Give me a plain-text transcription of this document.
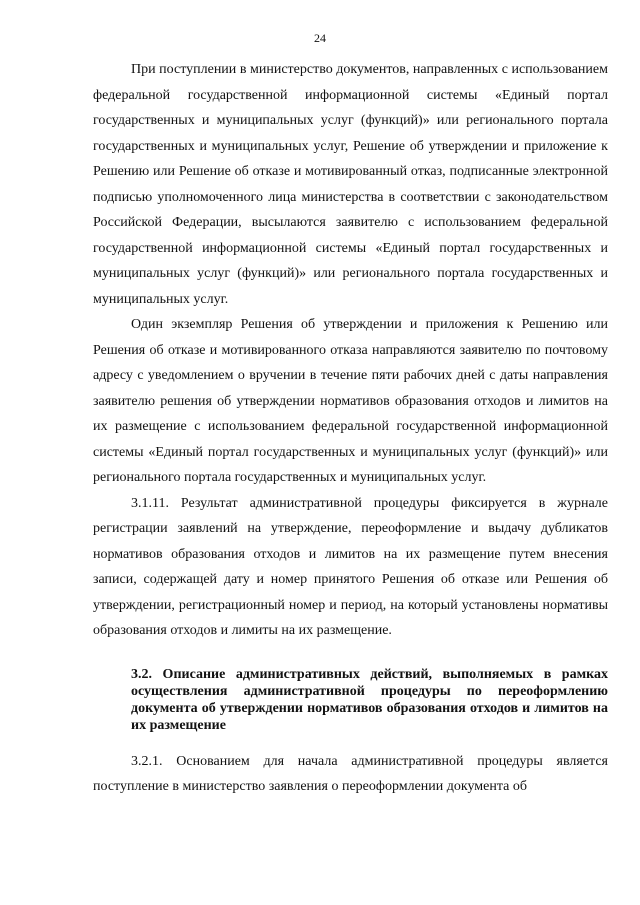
24

При поступлении в министерство документов, направленных с использованием федеральной государственной информационной системы «Единый портал государственных и муниципальных услуг (функций)» или регионального портала государственных и муниципальных услуг, Решение об утверждении и приложение к Решению или Решение об отказе и мотивированный отказ, подписанные электронной подписью уполномоченного лица министерства в соответствии с законодательством Российской Федерации, высылаются заявителю с использованием федеральной государственной информационной системы «Единый портал государственных и муниципальных услуг (функций)» или регионального портала государственных и муниципальных услуг.

Один экземпляр Решения об утверждении и приложения к Решению или Решения об отказе и мотивированного отказа направляются заявителю по почтовому адресу с уведомлением о вручении в течение пяти рабочих дней с даты направления заявителю решения об утверждении нормативов образования отходов и лимитов на их размещение с использованием федеральной государственной информационной системы «Единый портал государственных и муниципальных услуг (функций)» или регионального портала государственных и муниципальных услуг.

3.1.11. Результат административной процедуры фиксируется в журнале регистрации заявлений на утверждение, переоформление и выдачу дубликатов нормативов образования отходов и лимитов на их размещение путем внесения записи, содержащей дату и номер принятого Решения об отказе или Решения об утверждении, регистрационный номер и период, на который установлены нормативы образования отходов и лимиты на их размещение.

3.2. Описание административных действий, выполняемых в рамках осуществления административной процедуры по переоформлению документа об утверждении нормативов образования отходов и лимитов на их размещение

3.2.1. Основанием для начала административной процедуры является поступление в министерство заявления о переоформлении документа об
